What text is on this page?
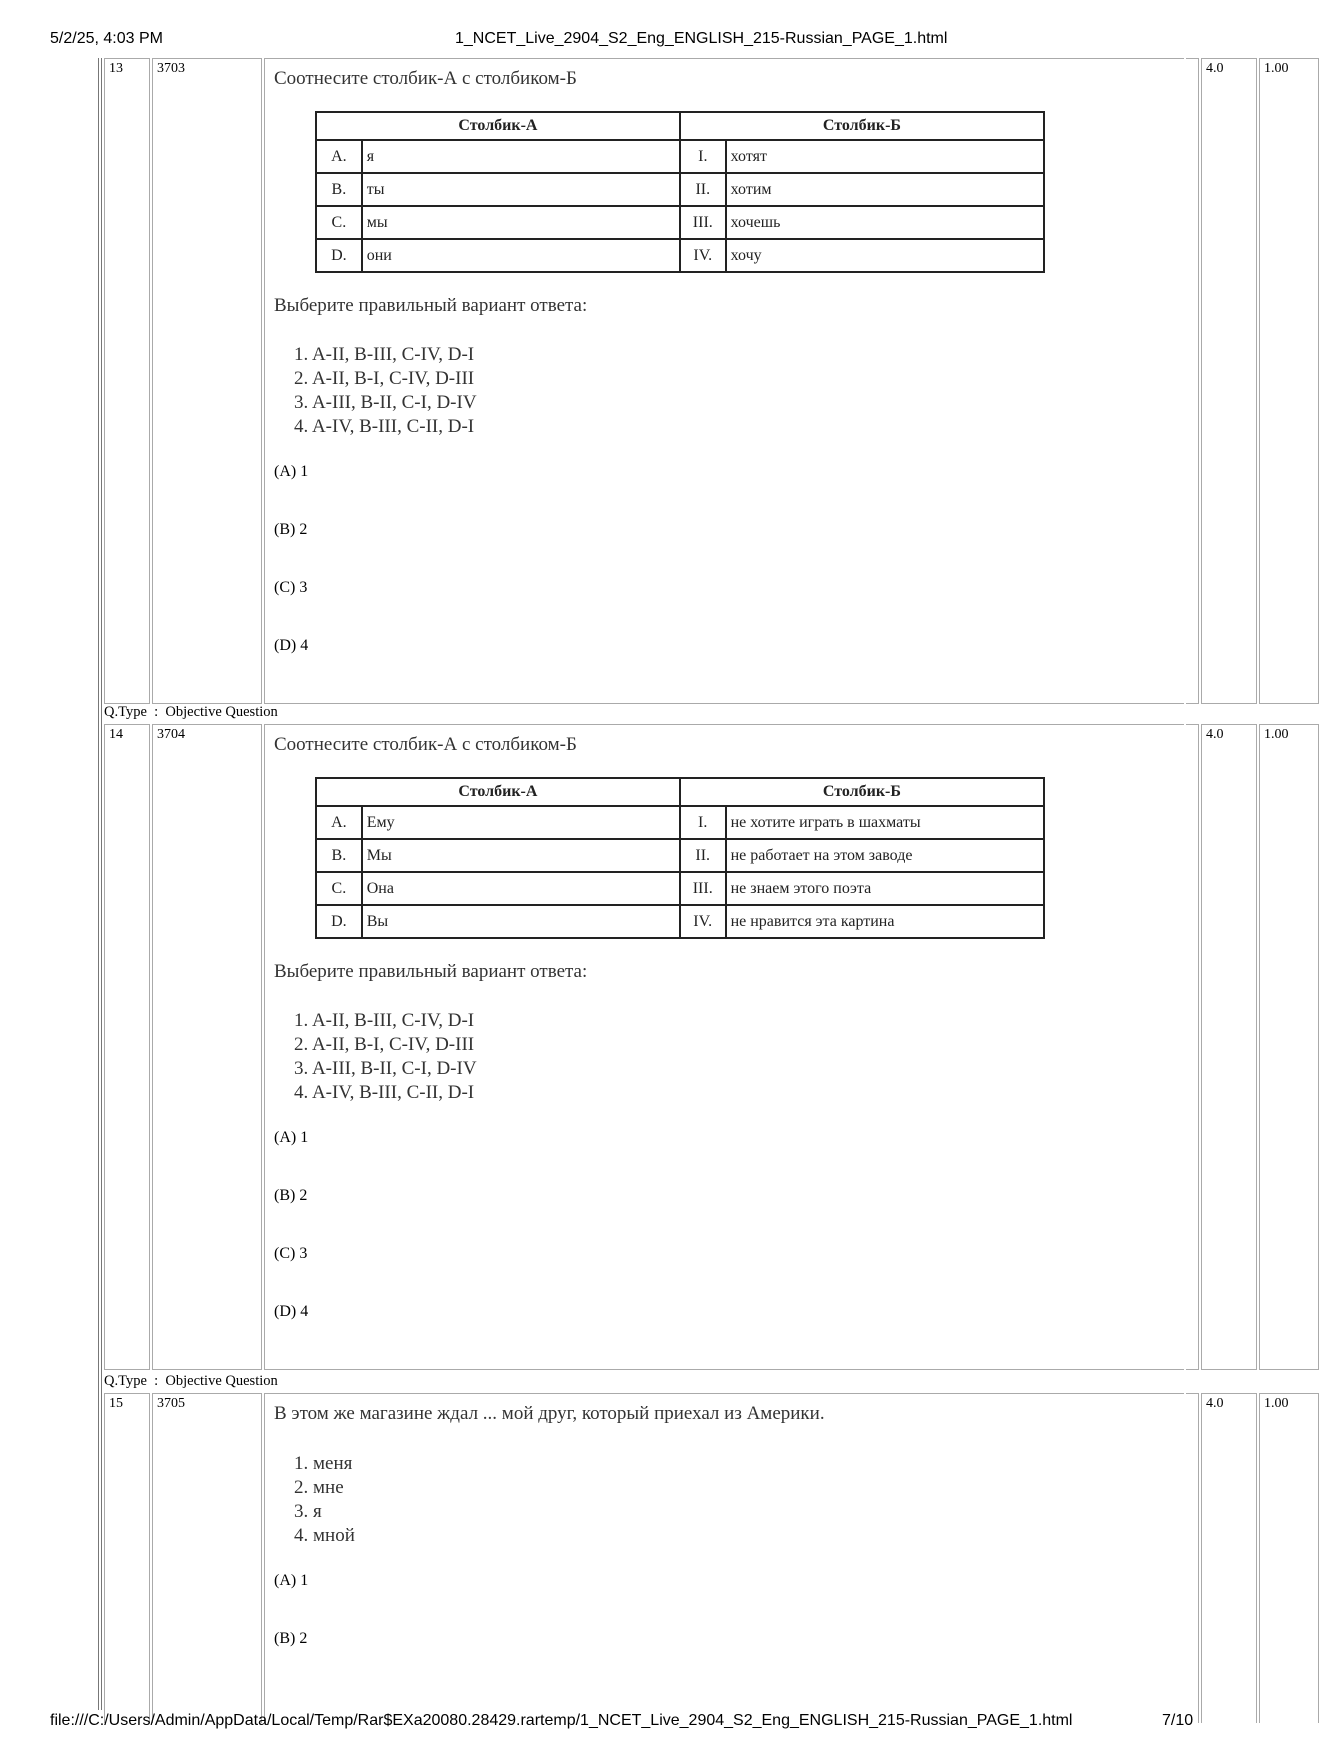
5/2/25, 4:03 PM	1_NCET_Live_2904_S2_Eng_ENGLISH_215-Russian_PAGE_1.html
13	3703	Соотнесите столбик-А с столбиком-Б
Столбик-А		Столбик-Б	
A.	я	I.	хотят
B.	ты	II.	хотим
C.	мы	III.	хочешь
D.	они	IV.	хочу
Выберите правильный вариант ответа:
1. A-II, B-III, C-IV, D-I
2. A-II, B-I, C-IV, D-III
3. A-III, B-II, C-I, D-IV
4. A-IV, B-III, C-II, D-I
(A) 1
(B) 2
(C) 3
(D) 4
4.0	1.00
Q.Type  :  Objective Question
14	3704	Соотнесите столбик-А с столбиком-Б
Столбик-А		Столбик-Б	
A.	Ему	I.	не хотите играть в шахматы
B.	Мы	II.	не работает на этом заводе
C.	Она	III.	не знаем этого поэта
D.	Вы	IV.	не нравится эта картина
Выберите правильный вариант ответа:
1. A-II, B-III, C-IV, D-I
2. A-II, B-I, C-IV, D-III
3. A-III, B-II, C-I, D-IV
4. A-IV, B-III, C-II, D-I
(A) 1
(B) 2
(C) 3
(D) 4
4.0	1.00
Q.Type  :  Objective Question
15	3705	В этом же магазине ждал ... мой друг, который приехал из Америки.
1. меня
2. мне
3. я
4. мной
(A) 1
(B) 2
4.0	1.00
file:///C:/Users/Admin/AppData/Local/Temp/Rar$EXa20080.28429.rartemp/1_NCET_Live_2904_S2_Eng_ENGLISH_215-Russian_PAGE_1.html	7/10
